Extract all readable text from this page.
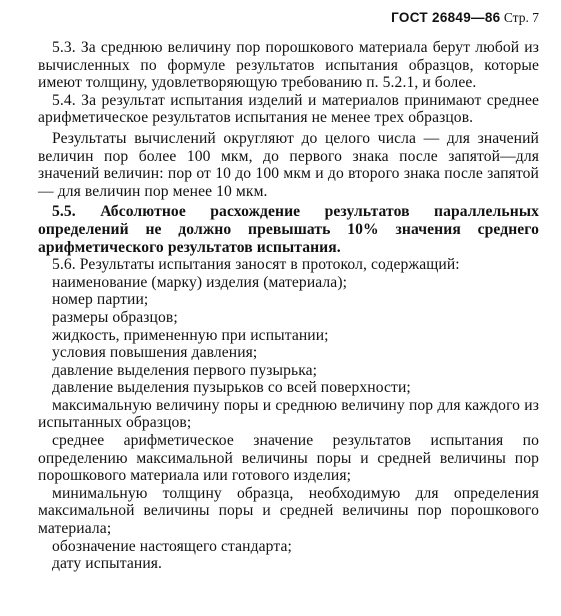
ГОСТ 26849—86 Стр. 7

5.3. За среднюю величину пор порошкового материала берут любой из вычисленных по формуле результатов испытания образцов, которые имеют толщину, удовлетворяющую требованию п. 5.2.1, и более.

5.4. За результат испытания изделий и материалов принимают среднее арифметическое результатов испытания не менее трех образцов.

Результаты вычислений округляют до целого числа — для значений величин пор более 100 мкм, до первого знака после запятой—для значений величин: пор от 10 до 100 мкм и до второго знака после запятой — для величин пор менее 10 мкм.

5.5. Абсолютное расхождение результатов параллельных определений не должно превышать 10% значения среднего арифметического результатов испытания.

5.6. Результаты испытания заносят в протокол, содержащий:

наименование (марку) изделия (материала);

номер партии;

размеры образцов;

жидкость, примененную при испытании;

условия повышения давления;

давление выделения первого пузырька;

давление выделения пузырьков со всей поверхности;

максимальную величину поры и среднюю величину пор для каждого из испытанных образцов;

среднее арифметическое значение результатов испытания по определению максимальной величины поры и средней величины пор порошкового материала или готового изделия;

минимальную толщину образца, необходимую для определения максимальной величины поры и средней величины пор порошкового материала;

обозначение настоящего стандарта;

дату испытания.
